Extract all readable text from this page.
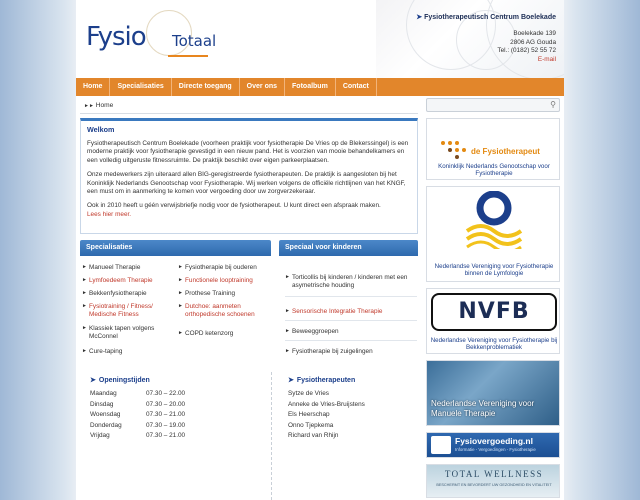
Fysio Totaal
➤ Fysiotherapeutisch Centrum Boelekade
Boelekade 139
2806 AG Gouda
Tel.: (0182) 52 55 72
E-mail
Home	Specialisaties	Directe toegang	Over ons	Fotoalbum	Contact
►► Home	⚲
Welkom

Fysiotherapeutisch Centrum Boelekade (voorheen praktijk voor fysiotherapie De Vries op de Blekerssingel) is een moderne praktijk voor fysiotherapie gevestigd in een nieuw pand. Het is voorzien van mooie behandelkamers en een volledig uitgeruste fitnessruimte. De praktijk beschikt over eigen parkeerplaatsen.

Onze medewerkers zijn uiteraard allen BIG-geregistreerde fysiotherapeuten. De praktijk is aangesloten bij het Koninklijk Nederlands Genootschap voor Fysiotherapie. Wij werken volgens de officiële richtlijnen van het KNGF, een must om in aanmerking te komen voor vergoeding door uw zorgverzekeraar.

Ook in 2010 heeft u géén verwijsbriefje nodig voor de fysiotherapeut. U kunt direct een afspraak maken.
Lees hier meer.

Specialisaties
► Manueel Therapie
► Lymfoedeem Therapie
► Bekkenfysiotherapie
► Fysiotraining / Fitness/ Medische Fitness
► Klassiek tapen volgens McConnel
► Cure-taping
► Fysiotherapie bij ouderen
► Functionele looptraining
► Prothese Training
► Dutchoe: aanmeten orthopedische schoenen
► COPD ketenzorg
Speciaal voor kinderen
► Torticollis bij kinderen / kinderen met een asymetrische houding
► Sensorische Integratie Therapie
► Beweeggroepen
► Fysiotherapie bij zuigelingen
➤ Openingstijden
Maandag	07.30 – 22.00
Dinsdag	07.30 – 20.00
Woensdag	07.30 – 21.00
Donderdag	07.30 – 19.00
Vrijdag	07.30 – 21.00
➤ Fysiotherapeuten
Sytze de Vries
Anneke de Vries-Bruijstens
Els Heerschap
Onno Tjepkema
Richard van Rhijn
de Fysiotherapeut
Koninklijk Nederlands Genootschap voor Fysiotherapie
Nederlandse Vereniging voor Fysiotherapie binnen de Lymfologie
NVFB
Nederlandse Vereniging voor Fysiotherapie bij Bekkenproblematiek
Nederlandse Vereniging voor Manuele Therapie
Fysiovergoeding.nl
Informatie - Vergoedingen - Fysiotherapie
TOTAL WELLNESS
BESCHERMT EN BEVORDERT UW GEZONDHEID EN VITALITEIT
